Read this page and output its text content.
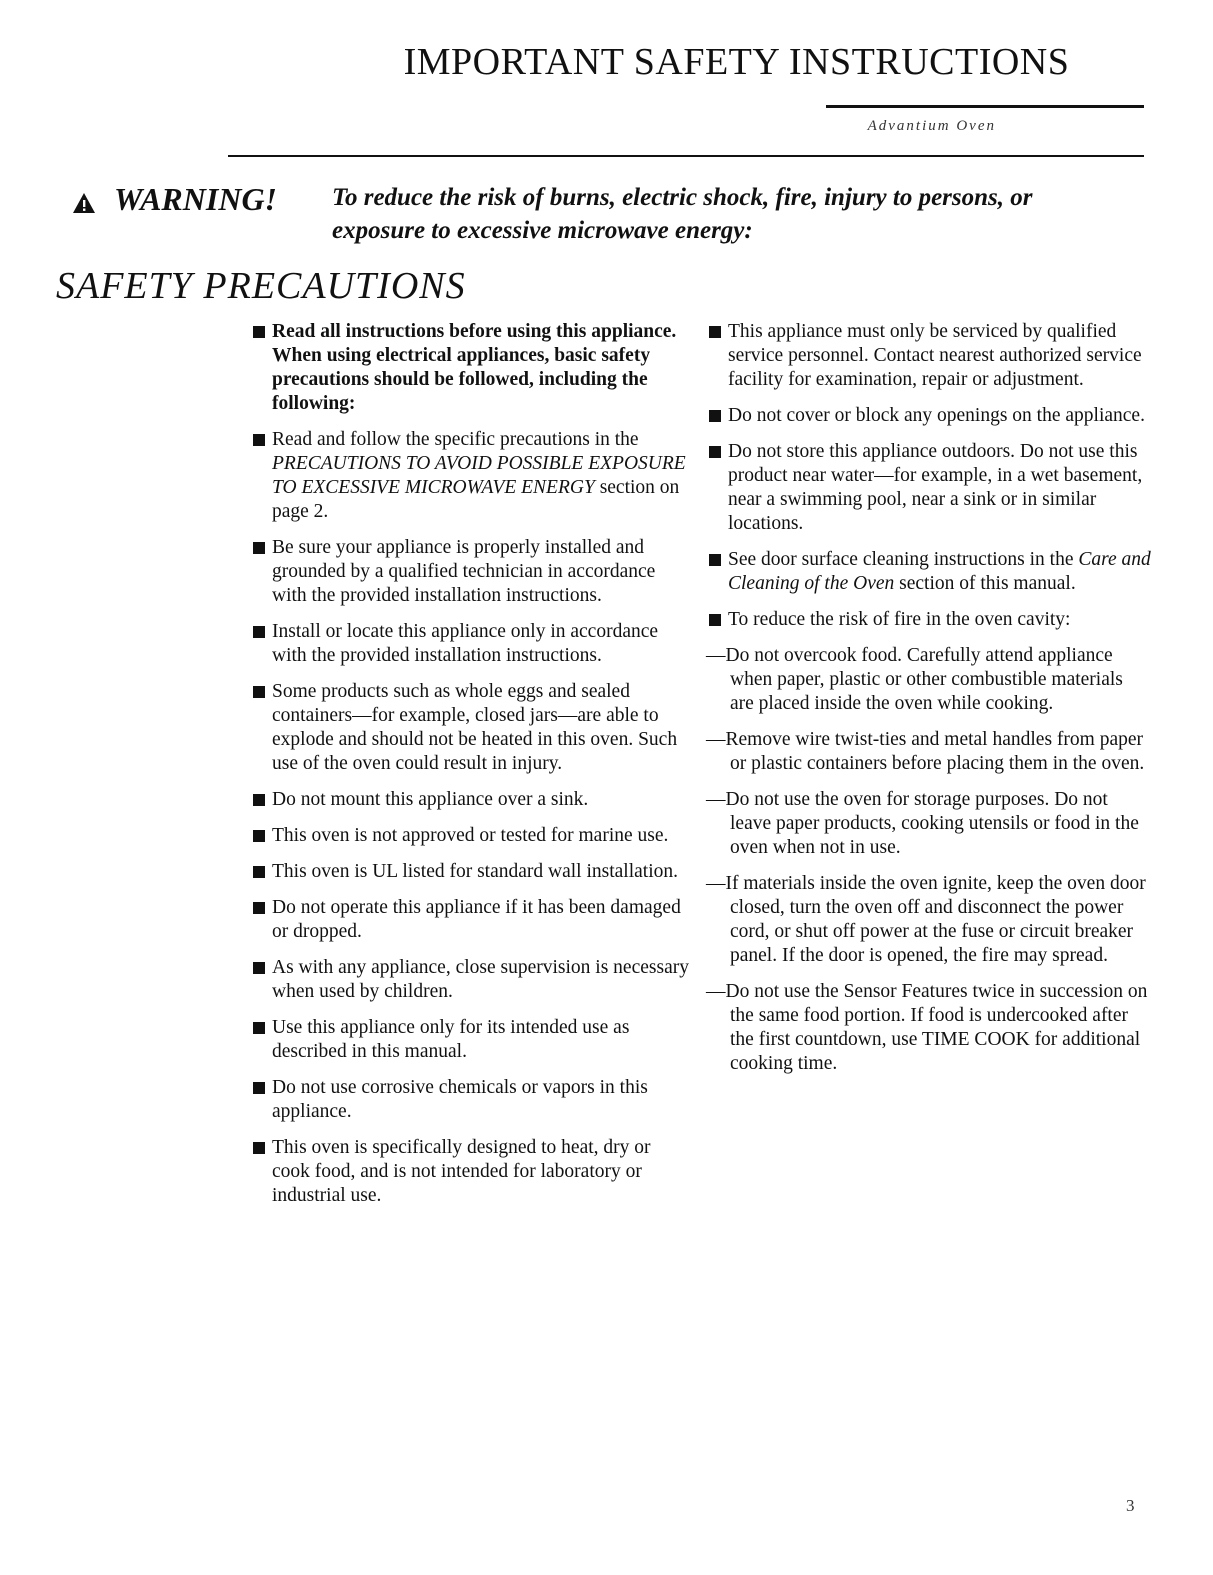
IMPORTANT SAFETY INSTRUCTIONS
Advantium Oven
WARNING! To reduce the risk of burns, electric shock, fire, injury to persons, or exposure to excessive microwave energy:
SAFETY PRECAUTIONS
Read all instructions before using this appliance. When using electrical appliances, basic safety precautions should be followed, including the following:
Read and follow the specific precautions in the PRECAUTIONS TO AVOID POSSIBLE EXPOSURE TO EXCESSIVE MICROWAVE ENERGY section on page 2.
Be sure your appliance is properly installed and grounded by a qualified technician in accordance with the provided installation instructions.
Install or locate this appliance only in accordance with the provided installation instructions.
Some products such as whole eggs and sealed containers—for example, closed jars—are able to explode and should not be heated in this oven. Such use of the oven could result in injury.
Do not mount this appliance over a sink.
This oven is not approved or tested for marine use.
This oven is UL listed for standard wall installation.
Do not operate this appliance if it has been damaged or dropped.
As with any appliance, close supervision is necessary when used by children.
Use this appliance only for its intended use as described in this manual.
Do not use corrosive chemicals or vapors in this appliance.
This oven is specifically designed to heat, dry or cook food, and is not intended for laboratory or industrial use.
This appliance must only be serviced by qualified service personnel. Contact nearest authorized service facility for examination, repair or adjustment.
Do not cover or block any openings on the appliance.
Do not store this appliance outdoors. Do not use this product near water—for example, in a wet basement, near a swimming pool, near a sink or in similar locations.
See door surface cleaning instructions in the Care and Cleaning of the Oven section of this manual.
To reduce the risk of fire in the oven cavity:
—Do not overcook food. Carefully attend appliance when paper, plastic or other combustible materials are placed inside the oven while cooking.
—Remove wire twist-ties and metal handles from paper or plastic containers before placing them in the oven.
—Do not use the oven for storage purposes. Do not leave paper products, cooking utensils or food in the oven when not in use.
—If materials inside the oven ignite, keep the oven door closed, turn the oven off and disconnect the power cord, or shut off power at the fuse or circuit breaker panel. If the door is opened, the fire may spread.
—Do not use the Sensor Features twice in succession on the same food portion. If food is undercooked after the first countdown, use TIME COOK for additional cooking time.
3
